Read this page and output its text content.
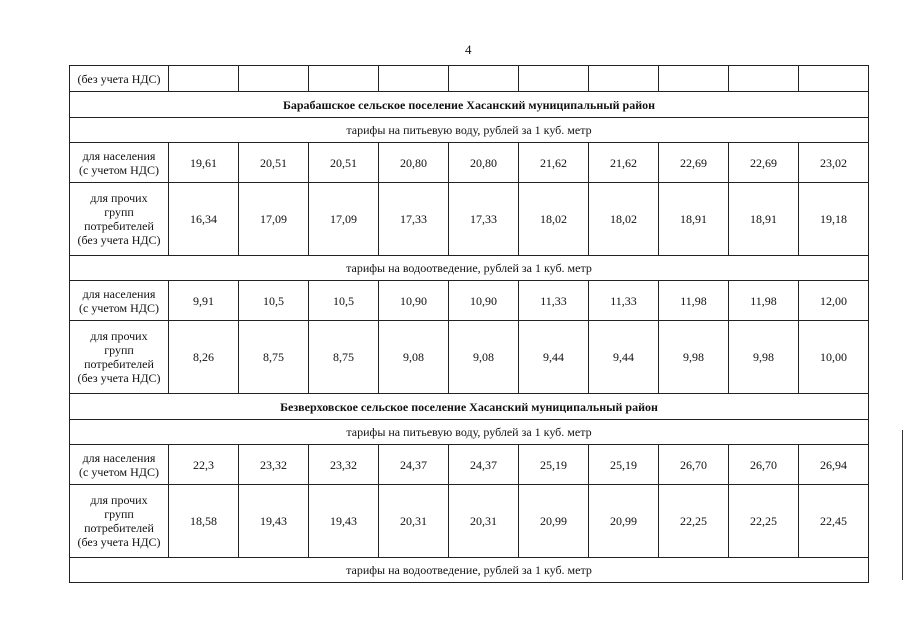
4
(без учета НДС)										
Барабашское сельское поселение Хасанский муниципальный район										
тарифы на питьевую воду, рублей за 1 куб. метр										

для населения
(с учетом НДС)	19,61	20,51	20,51	20,80	20,80	21,62	21,62	22,69	22,69	23,02

для прочих
групп
потребителей
(без учета НДС)	16,34	17,09	17,09	17,33	17,33	18,02	18,02	18,91	18,91	19,18
тарифы на водоотведение, рублей за 1 куб. метр										

для населения
(с учетом НДС)	9,91	10,5	10,5	10,90	10,90	11,33	11,33	11,98	11,98	12,00

для прочих
групп
потребителей
(без учета НДС)	8,26	8,75	8,75	9,08	9,08	9,44	9,44	9,98	9,98	10,00
Безверховское сельское поселение Хасанский муниципальный район										
тарифы на питьевую воду, рублей за 1 куб. метр										

для населения
(с учетом НДС)	22,3	23,32	23,32	24,37	24,37	25,19	25,19	26,70	26,70	26,94

для прочих
групп
потребителей
(без учета НДС)	18,58	19,43	19,43	20,31	20,31	20,99	20,99	22,25	22,25	22,45
тарифы на водоотведение, рублей за 1 куб. метр										
